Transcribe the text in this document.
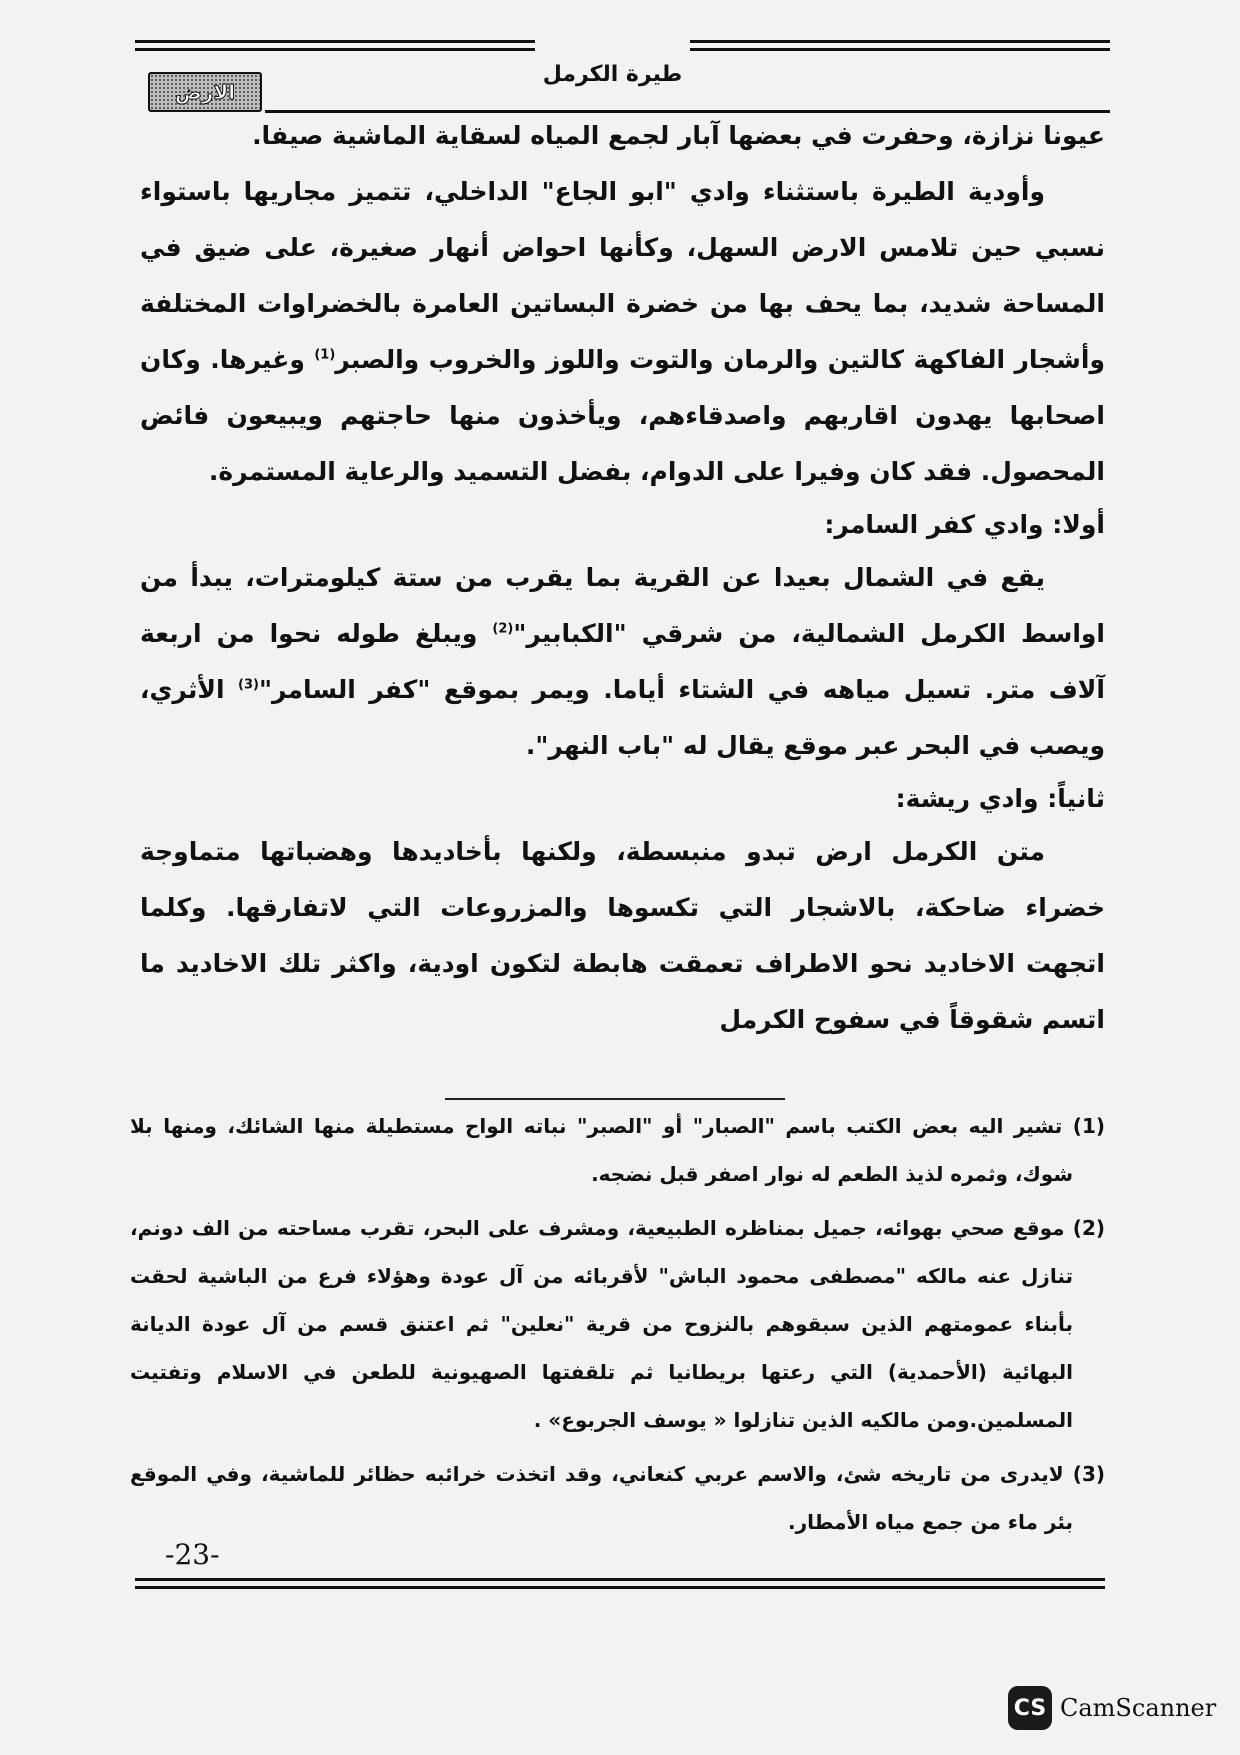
طيرة الكرمل
الارض

عيونا نزازة، وحفرت في بعضها آبار لجمع المياه لسقاية الماشية صيفا.

وأودية الطيرة باستثناء وادي "ابو الجاع" الداخلي، تتميز مجاريها باستواء نسبي حين تلامس الارض السهل، وكأنها احواض أنهار صغيرة، على ضيق في المساحة شديد، بما يحف بها من خضرة البساتين العامرة بالخضراوات المختلفة وأشجار الفاكهة كالتين والرمان والتوت واللوز والخروب والصبر$^{(1)}$ وغيرها. وكان اصحابها يهدون اقاربهم واصدقاءهم، ويأخذون منها حاجتهم ويبيعون فائض المحصول. فقد كان وفيرا على الدوام، بفضل التسميد والرعاية المستمرة.

أولا: وادي كفر السامر:

يقع في الشمال بعيدا عن القرية بما يقرب من ستة كيلومترات، يبدأ من اواسط الكرمل الشمالية، من شرقي "الكبابير"$^{(2)}$ ويبلغ طوله نحوا من اربعة آلاف متر. تسيل مياهه في الشتاء أياما. ويمر بموقع "كفر السامر"$^{(3)}$ الأثري، ويصب في البحر عبر موقع يقال له "باب النهر".

ثانياً: وادي ريشة:

متن الكرمل ارض تبدو منبسطة، ولكنها بأخاديدها وهضباتها متماوجة خضراء ضاحكة، بالاشجار التي تكسوها والمزروعات التي لاتفارقها. وكلما اتجهت الاخاديد نحو الاطراف تعمقت هابطة لتكون اودية، واكثر تلك الاخاديد ما اتسم شقوقاً في سفوح الكرمل

(1) تشير اليه بعض الكتب باسم "الصبار" أو "الصبر" نباته الواح مستطيلة منها الشائك، ومنها بلا شوك، وثمره لذيذ الطعم له نوار اصفر قبل نضجه.

(2) موقع صحي بهوائه، جميل بمناظره الطبيعية، ومشرف على البحر، تقرب مساحته من الف دونم، تنازل عنه مالكه "مصطفى محمود الباش" لأقربائه من آل عودة وهؤلاء فرع من الباشية لحقت بأبناء عمومتهم الذين سبقوهم بالنزوح من قرية "نعلين" ثم اعتنق قسم من آل عودة الديانة البهائية (الأحمدية) التي رعتها بريطانيا ثم تلقفتها الصهيونية للطعن في الاسلام وتفتيت المسلمين.ومن مالكيه الذين تنازلوا « يوسف الجربوع» .

(3) لايدرى من تاريخه شئ، والاسم عربي كنعاني، وقد اتخذت خرائبه حظائر للماشية، وفي الموقع بئر ماء من جمع مياه الأمطار.

-23-
CS CamScanner
